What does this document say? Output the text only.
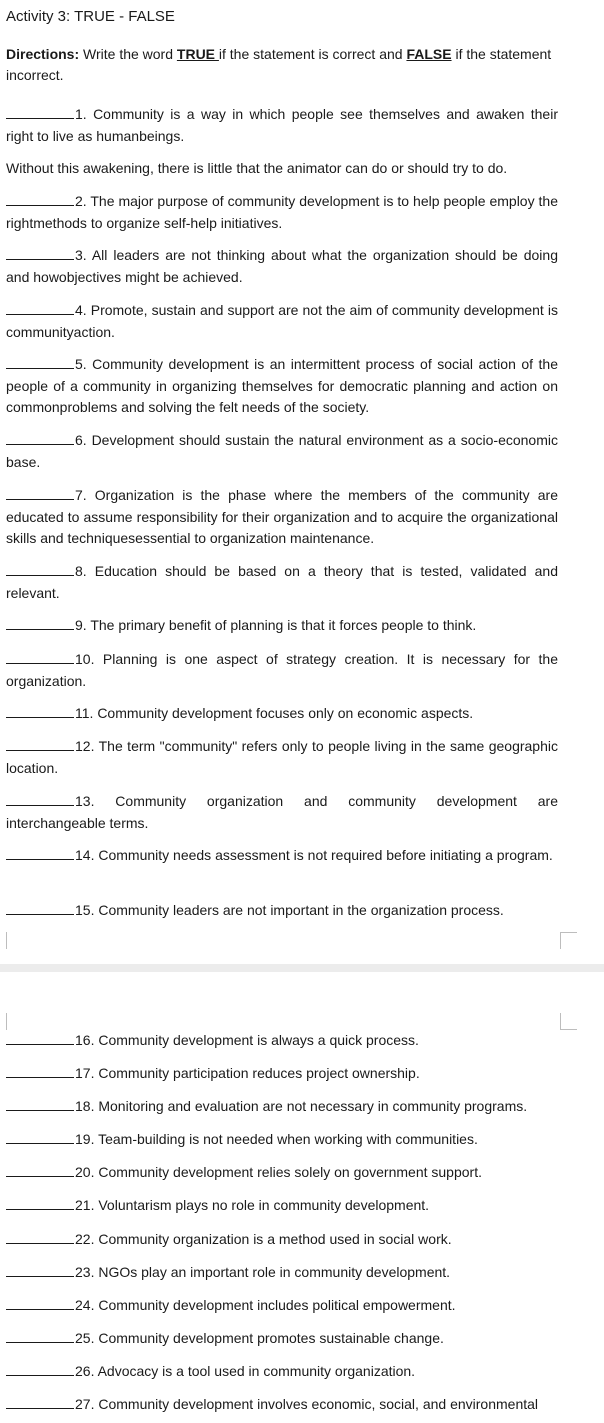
Activity 3: TRUE - FALSE
Directions: Write the word TRUE if the statement is correct and FALSE if the statement incorrect.
1. Community is a way in which people see themselves and awaken their right to live as humanbeings.
Without this awakening, there is little that the animator can do or should try to do.
2. The major purpose of community development is to help people employ the rightmethods to organize self-help initiatives.
3. All leaders are not thinking about what the organization should be doing and howobjectives might be achieved.
4. Promote, sustain and support are not the aim of community development is communityaction.
5. Community development is an intermittent process of social action of the people of a community in organizing themselves for democratic planning and action on commonproblems and solving the felt needs of the society.
6. Development should sustain the natural environment as a socio-economic base.
7. Organization is the phase where the members of the community are educated to assume responsibility for their organization and to acquire the organizational skills and techniquesessential to organization maintenance.
8. Education should be based on a theory that is tested, validated and relevant.
9. The primary benefit of planning is that it forces people to think.
10. Planning is one aspect of strategy creation. It is necessary for the organization.
11. Community development focuses only on economic aspects.
12. The term "community" refers only to people living in the same geographic location.
13. Community organization and community development are interchangeable terms.
14. Community needs assessment is not required before initiating a program.
15. Community leaders are not important in the organization process.
16. Community development is always a quick process.
17. Community participation reduces project ownership.
18. Monitoring and evaluation are not necessary in community programs.
19. Team-building is not needed when working with communities.
20. Community development relies solely on government support.
21. Voluntarism plays no role in community development.
22. Community organization is a method used in social work.
23. NGOs play an important role in community development.
24. Community development includes political empowerment.
25. Community development promotes sustainable change.
26. Advocacy is a tool used in community organization.
27. Community development involves economic, social, and environmental
